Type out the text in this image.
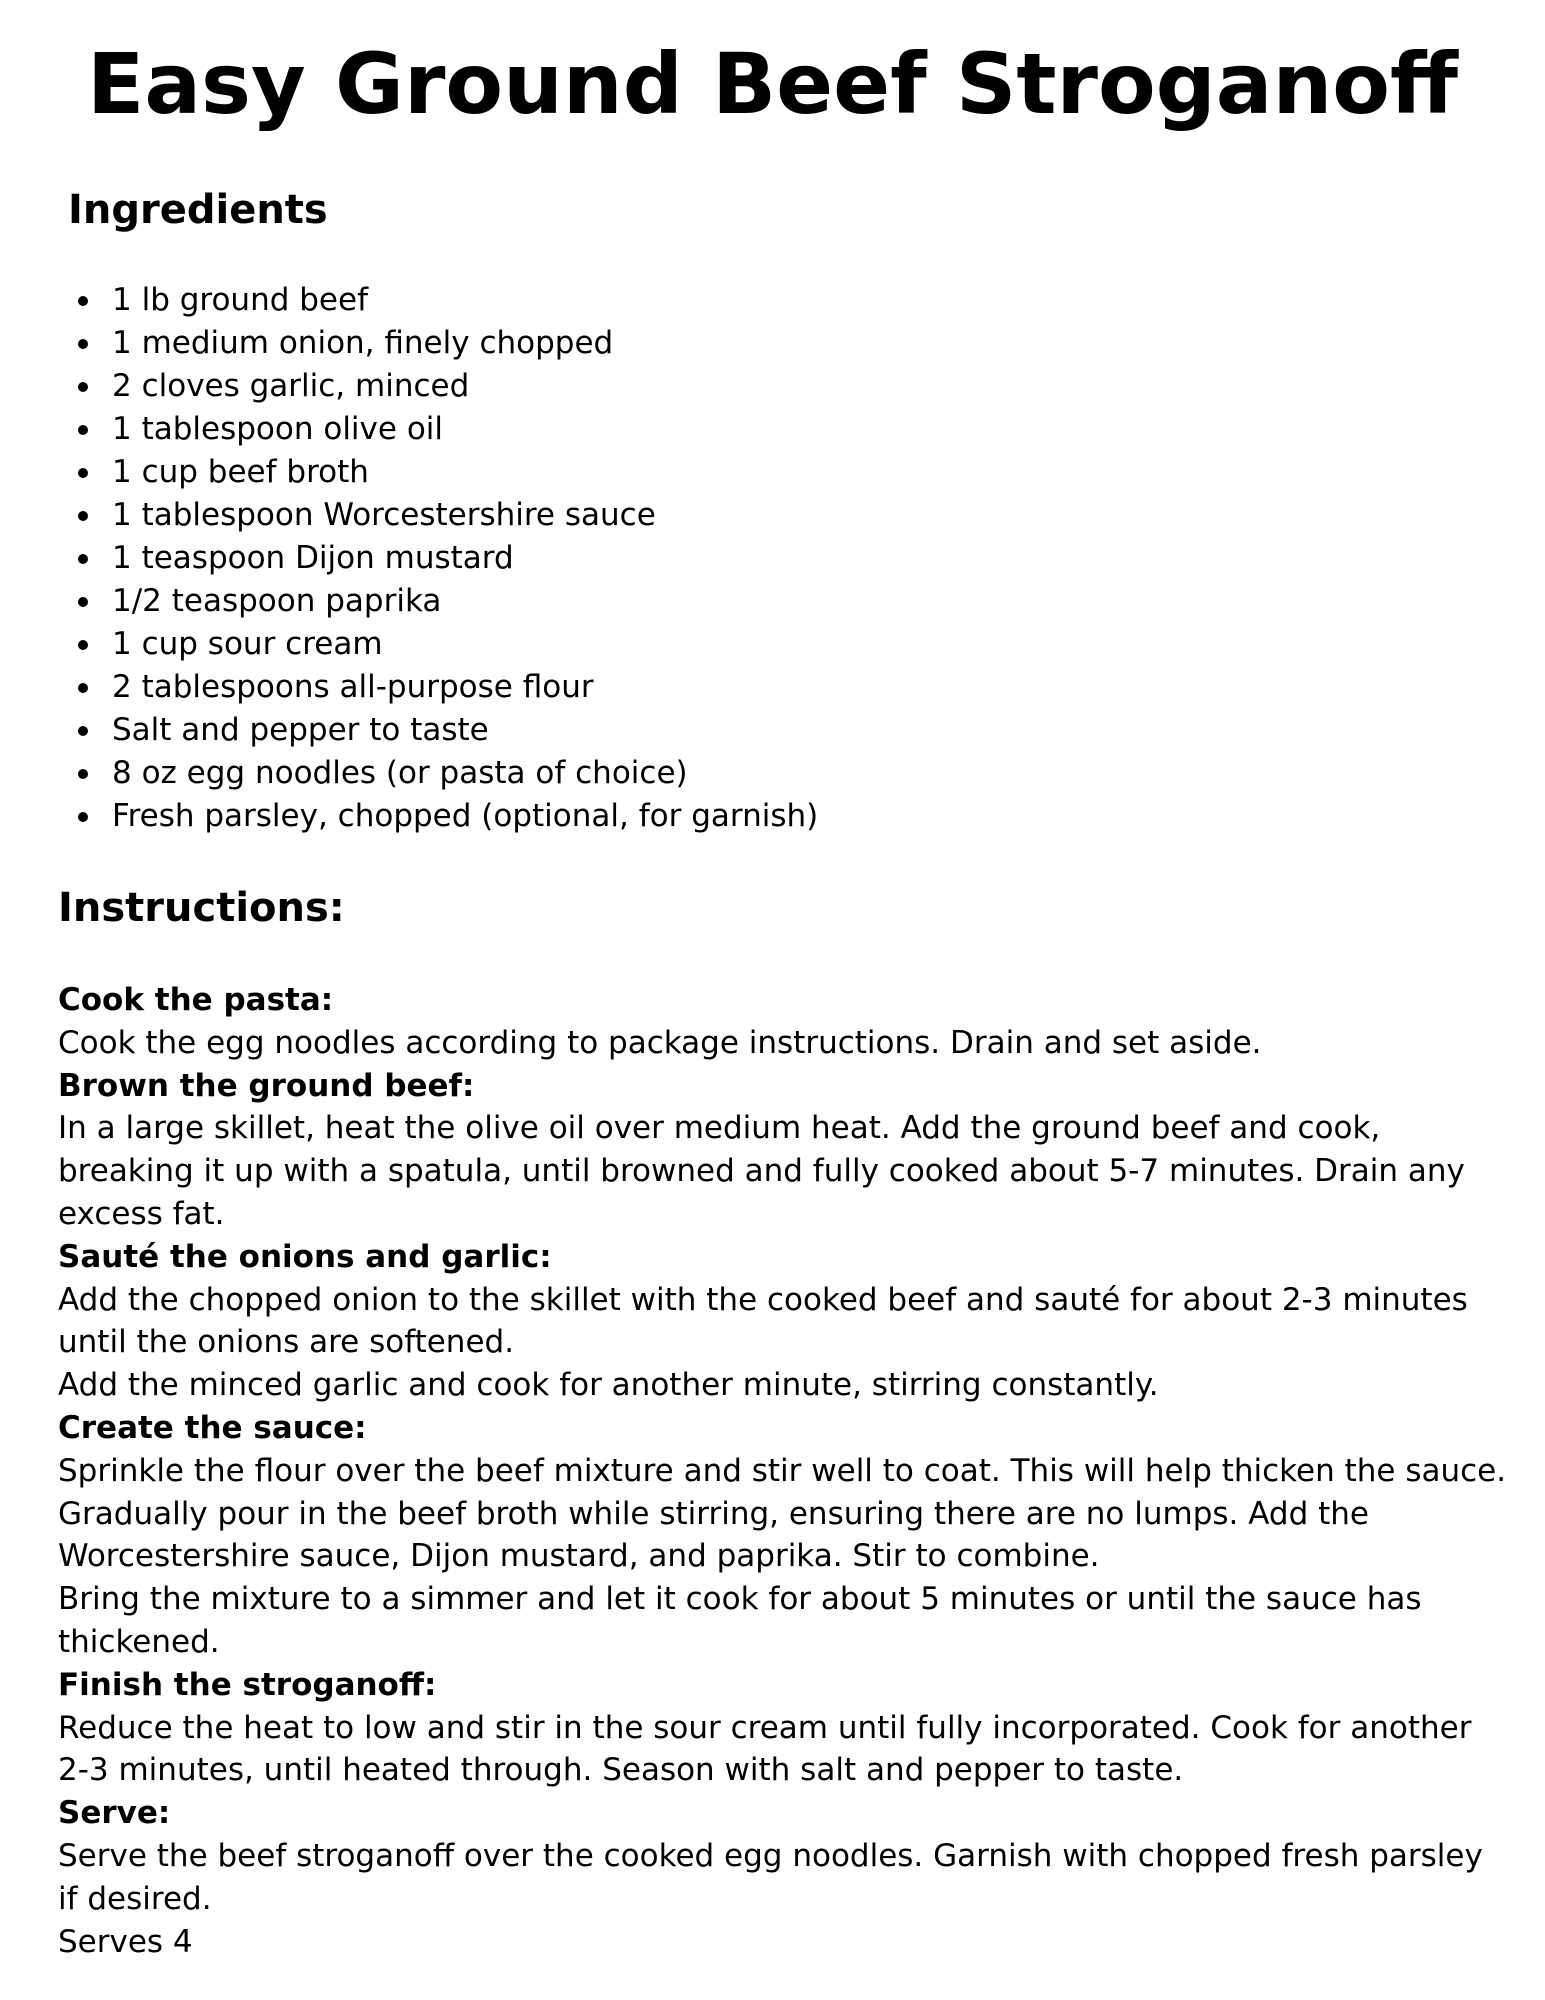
Easy Ground Beef Stroganoff
Ingredients
1 lb ground beef
1 medium onion, finely chopped
2 cloves garlic, minced
1 tablespoon olive oil
1 cup beef broth
1 tablespoon Worcestershire sauce
1 teaspoon Dijon mustard
1/2 teaspoon paprika
1 cup sour cream
2 tablespoons all-purpose flour
Salt and pepper to taste
8 oz egg noodles (or pasta of choice)
Fresh parsley, chopped (optional, for garnish)
Instructions:

Cook the pasta:

Cook the egg noodles according to package instructions. Drain and set aside.

Brown the ground beef:

In a large skillet, heat the olive oil over medium heat. Add the ground beef and cook, breaking it up with a spatula, until browned and fully cooked about 5-7 minutes. Drain any excess fat.

Sauté the onions and garlic:

Add the chopped onion to the skillet with the cooked beef and sauté for about 2-3 minutes until the onions are softened.

Add the minced garlic and cook for another minute, stirring constantly.

Create the sauce:

Sprinkle the flour over the beef mixture and stir well to coat. This will help thicken the sauce.

Gradually pour in the beef broth while stirring, ensuring there are no lumps. Add the Worcestershire sauce, Dijon mustard, and paprika. Stir to combine.

Bring the mixture to a simmer and let it cook for about 5 minutes or until the sauce has thickened.

Finish the stroganoff:

Reduce the heat to low and stir in the sour cream until fully incorporated. Cook for another 2-3 minutes, until heated through. Season with salt and pepper to taste.

Serve:

Serve the beef stroganoff over the cooked egg noodles. Garnish with chopped fresh parsley if desired.

Serves 4
